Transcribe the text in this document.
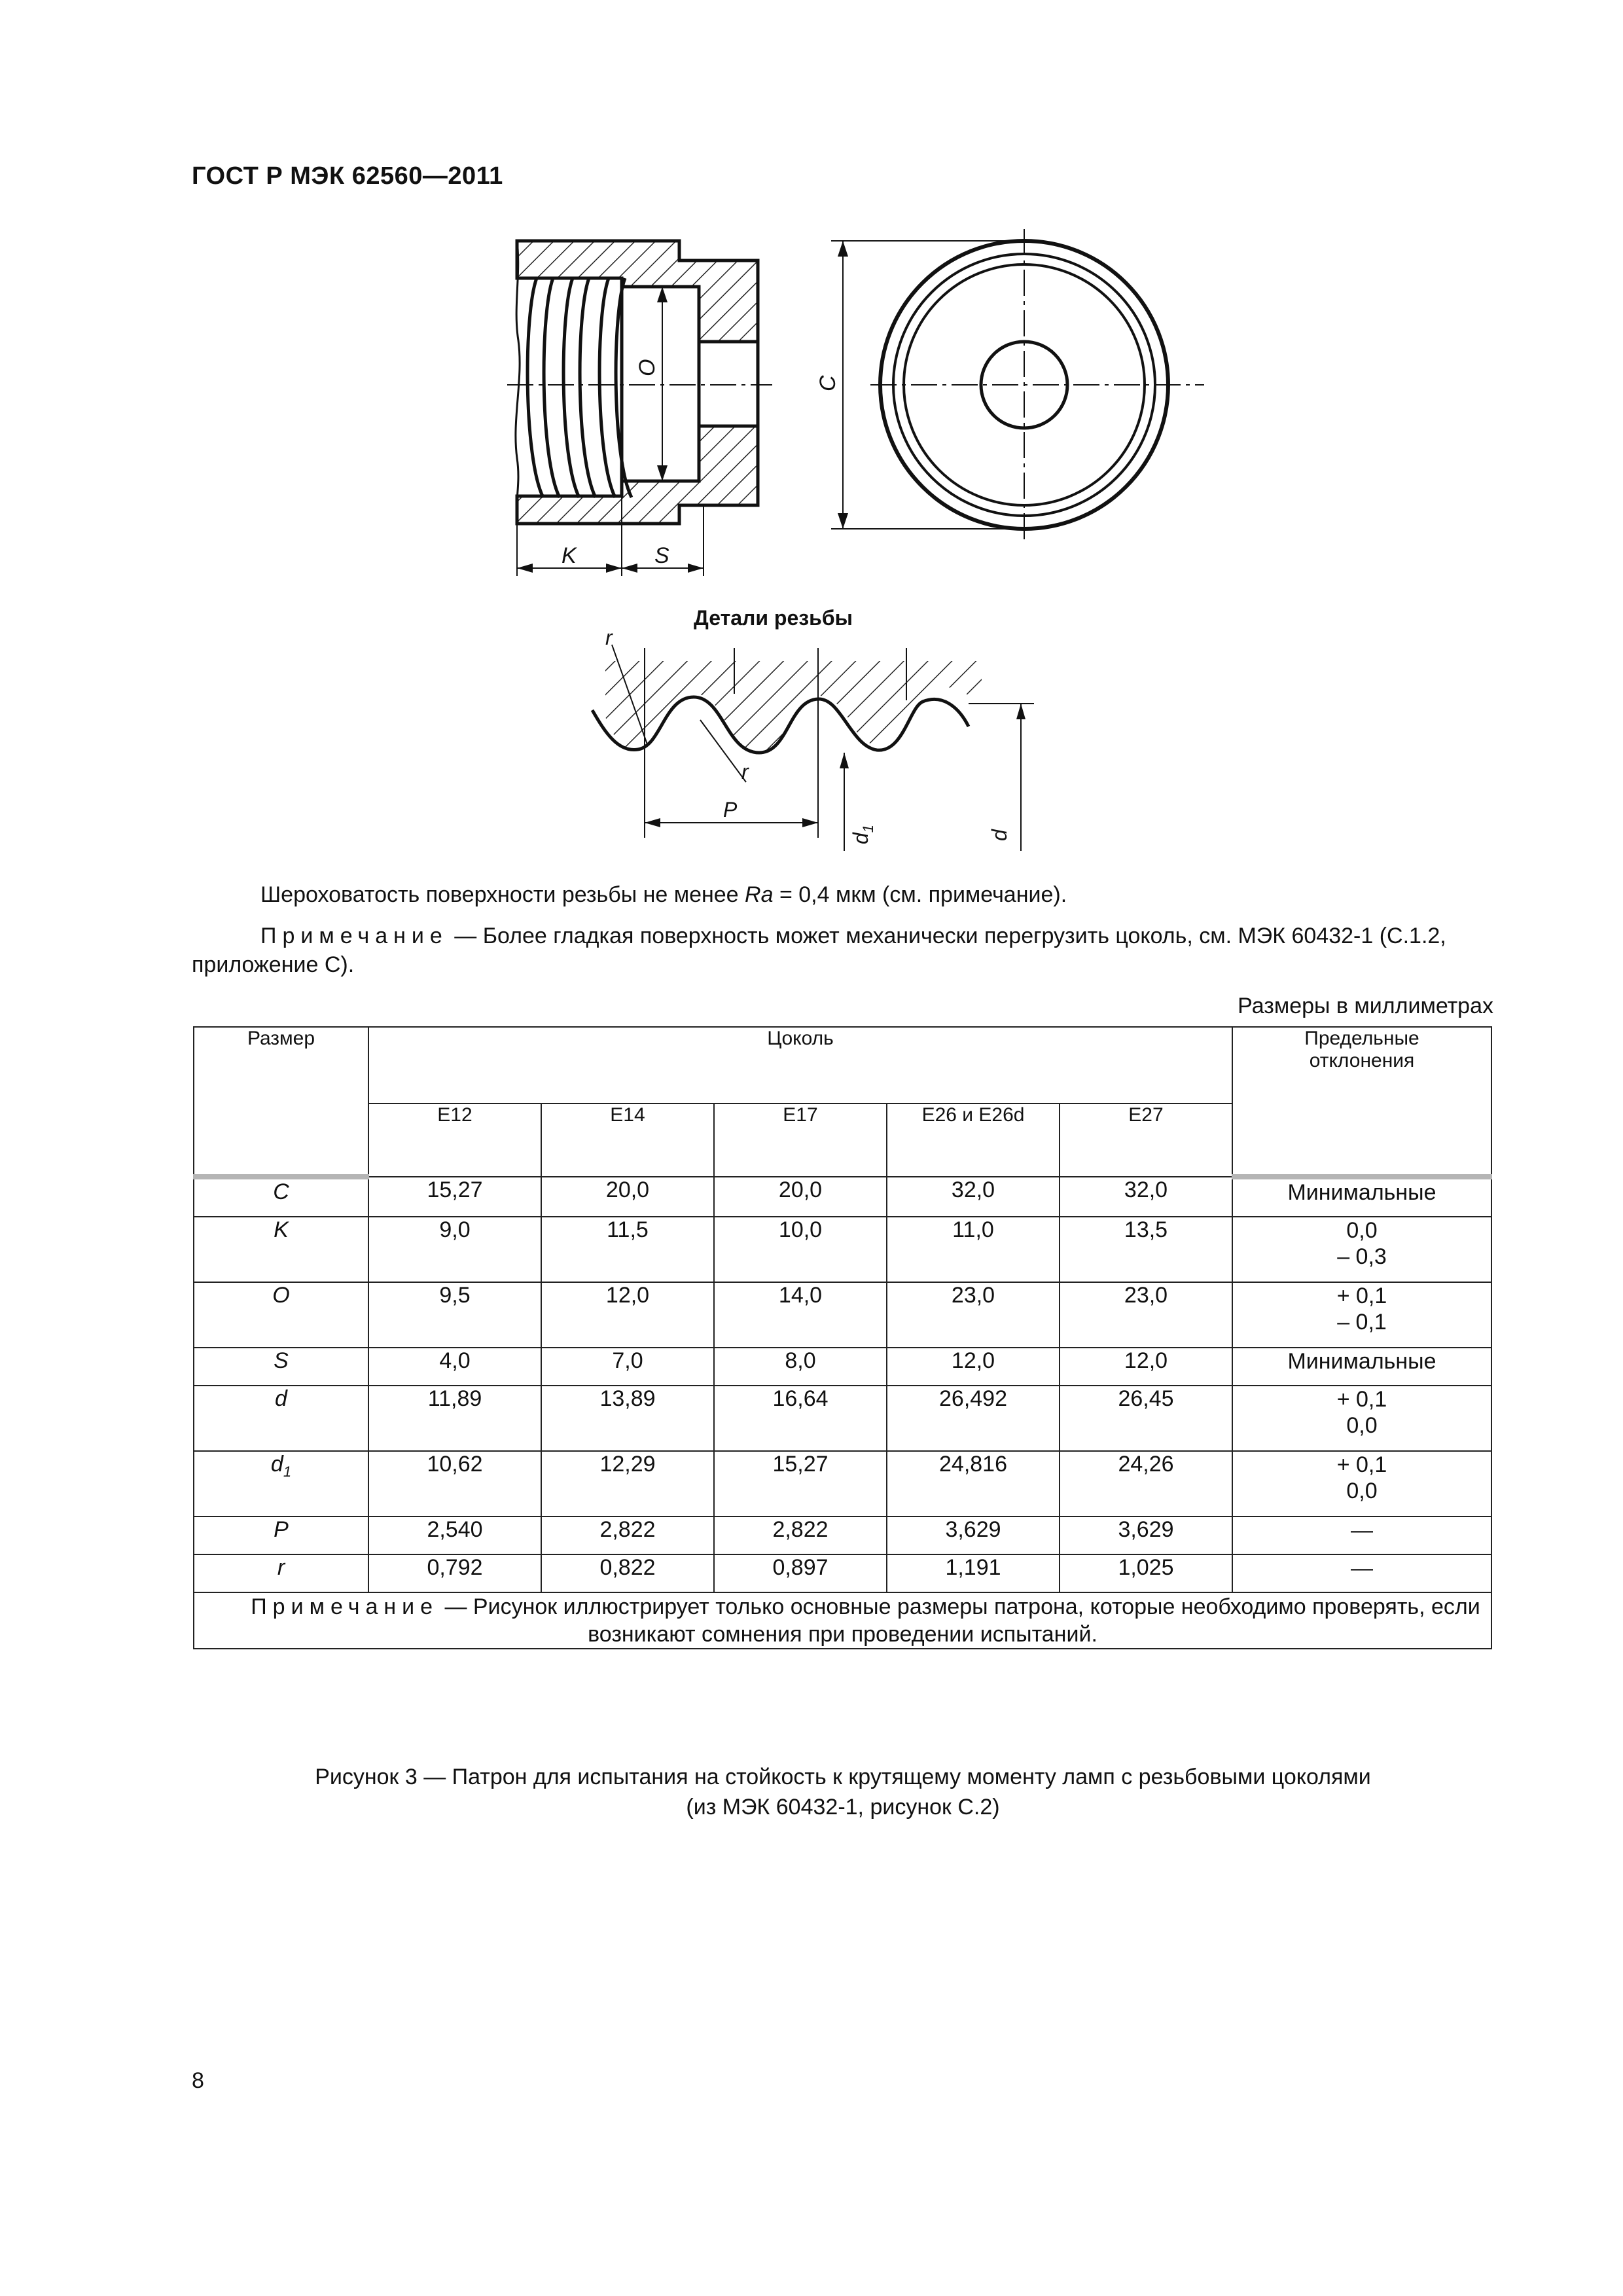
ГОСТ Р МЭК 62560—2011
O
K	S
C
Детали резьбы
r
r
P
$d_1$
d
Шероховатость поверхности резьбы не менее Ra = 0,4 мкм (см. примечание).
Примечание — Более гладкая поверхность может механически перегрузить цоколь, см. МЭК 60432-1 (С.1.2, приложение С).
Размеры в миллиметрах
Размер	Цоколь					Предельные отклонения
	E12	E14	E17	E26 и E26d	E27	
C	15,27	20,0	20,0	32,0	32,0	Минимальные
K	9,0	11,5	10,0	11,0	13,5	0,0
– 0,3

O	9,5	12,0	14,0	23,0	23,0	+ 0,1
– 0,1

S	4,0	7,0	8,0	12,0	12,0	Минимальные
d	11,89	13,89	16,64	26,492	26,45	+ 0,1
0,0

$d_1$	10,62	12,29	15,27	24,816	24,26	+ 0,1
0,0

P	2,540	2,822	2,822	3,629	3,629	—
r	0,792	0,822	0,897	1,191	1,025	—
Примечание — Рисунок иллюстрирует только основные размеры патрона, которые необходимо проверять, если возникают сомнения при проведении испытаний.						
Рисунок 3 — Патрон для испытания на стойкость к крутящему моменту ламп с резьбовыми цоколями
(из МЭК 60432-1, рисунок С.2)
8
